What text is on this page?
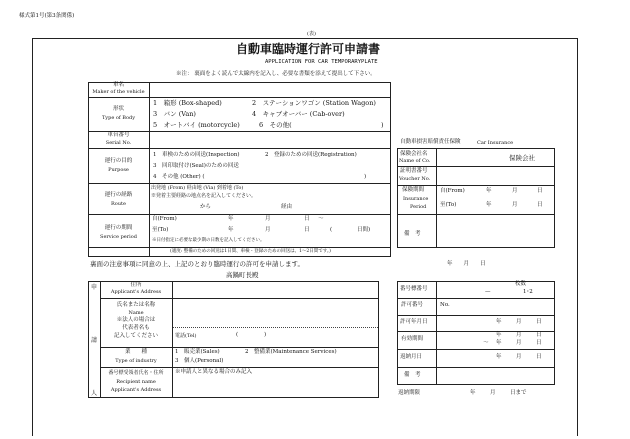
様式第1号(第3条関係)
(表)
自動車臨時運行許可申請書
APPLICATION FOR CAR TEMPORARYPLATE
※注： 裏面をよく読んで太線内を記入し、必要な書類を添えて提出して下さい。
車名
Maker of the vehicle
形状
Type of Body
1　箱形 (Box-shaped)	2　ステーションワゴン (Station Wagon)
3　バン (Van)	4　キャブオーバー (Cab-over)
5　オートバイ (motorcycle)	6　その他(	)
車台番号
Serial No.
運行の目的
Purpose
1　車検のための回送(Inspection)	2　登録のための回送(Registration)
3　回印取付け(Seal)のための回送
4　その他 (Other) (	)
運行の経路
Route
出発地 (From) 経由地 (Via) 到着地 (To)
※発着主要経路の地点名を記入してください。
から	経由
運行の期間
Service period
自(From)	年	月	日 ～
至(To)	年	月	日	(	日間)
※日付指定に必要な最少期の日数を記入してください。
(適度: 整備のための回送は1日間、車検・登録のための回送は、1～2日間です。)
自動車損害賠償責任保険	Car Insurance
保険会社名
Name of Co.	保険会社
証明書番号
Voucher No.
保険期間
Insurance
Period
自(From)	年	月	日
至(To)	年	月	日
備　考
裏面の注意事項に同意の上、上記のとおり臨時運行の許可を申請します。	年　　月　　日
高鍋町長殿
申
請
人
住所
Applicant's Address
氏名または名称
Name
※法人の場合は
代表者名も
記入してください	電話(Tel)	(	)
業　　種
Type of industry
1　販売業(Sales)	2　整備業(Maintenance Services)
3　個人(Personal)
番号標受領者氏名・住所
Recipient name
Applicant's Address
※申請人と異なる場合のみ記入
番号標番号
枚数
—	1･2
許可番号	No.
許可年月日	年	月	日
有効期間
年	月	日
～ 年	月	日
返納月日	年	月	日
備　考
返納期限	年	月	日まで
